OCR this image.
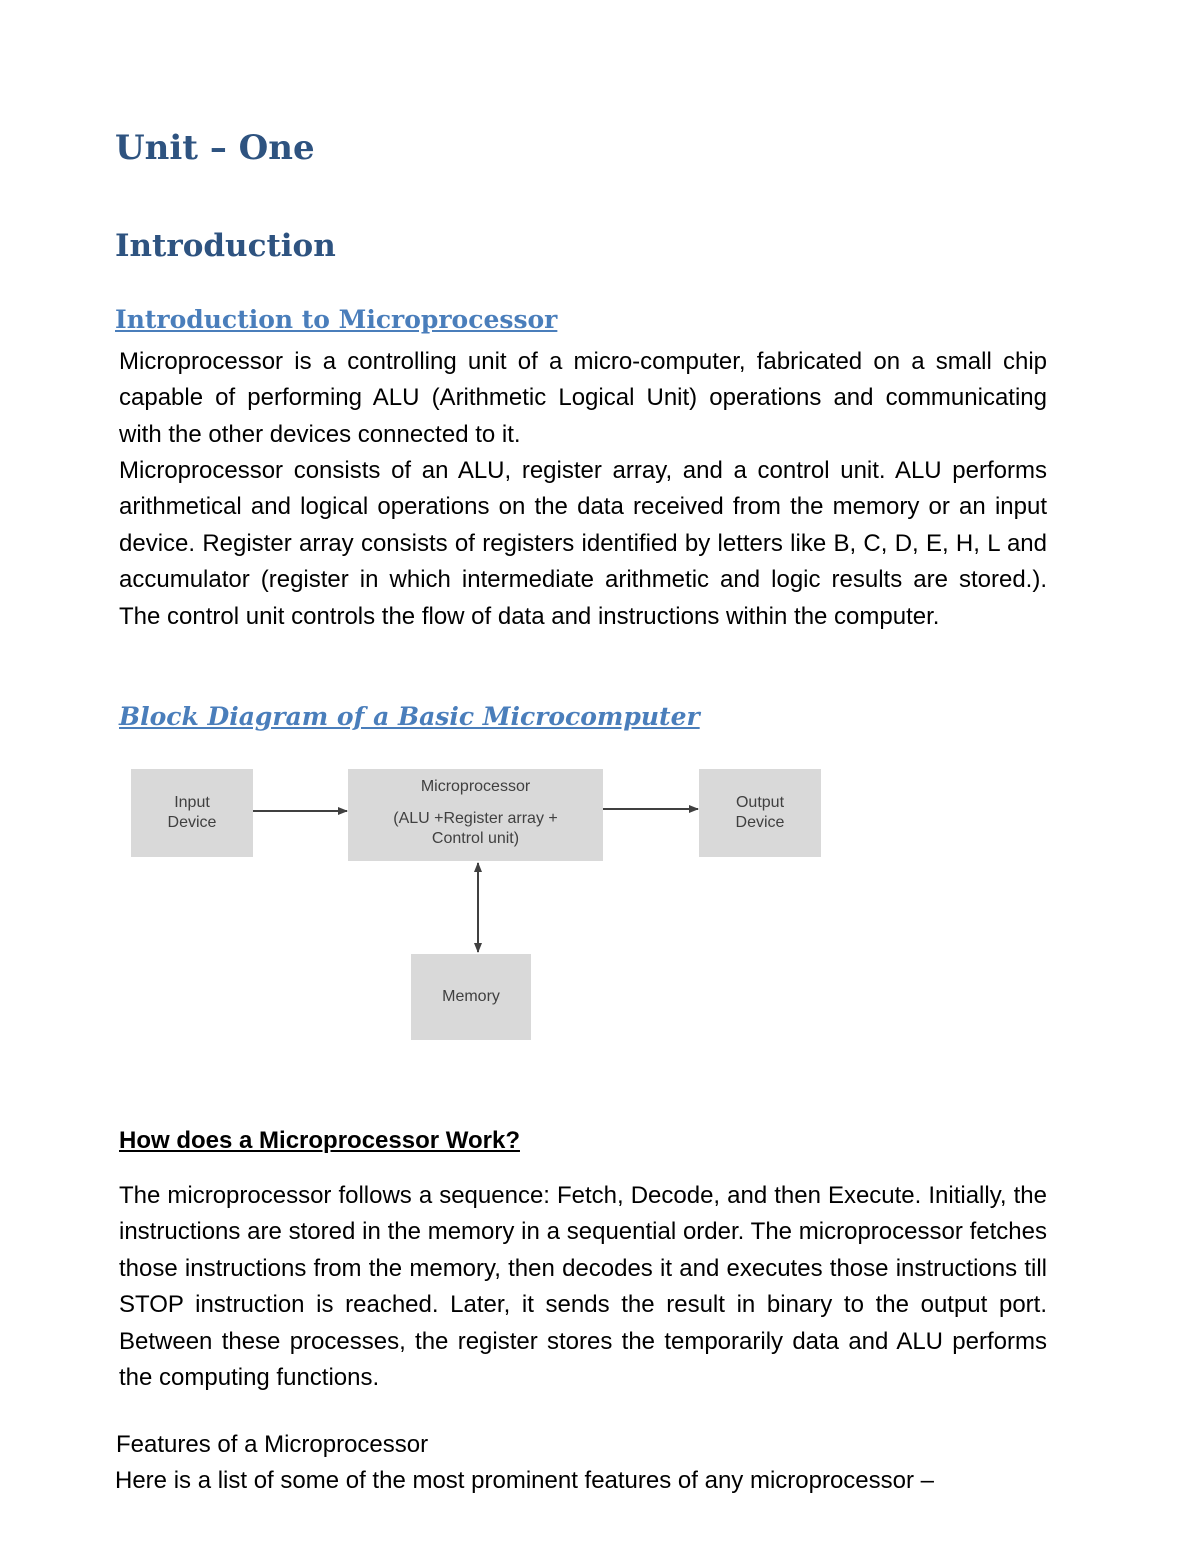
Unit – One
Introduction
Introduction to Microprocessor
Microprocessor is a controlling unit of a micro-computer, fabricated on a small chip capable of performing ALU (Arithmetic Logical Unit) operations and communicating with the other devices connected to it.
Microprocessor consists of an ALU, register array, and a control unit. ALU performs arithmetical and logical operations on the data received from the memory or an input device. Register array consists of registers identified by letters like B, C, D, E, H, L and accumulator (register in which intermediate arithmetic and logic results are stored.). The control unit controls the flow of data and instructions within the computer.
Block Diagram of a Basic Microcomputer
Input
Device
Microprocessor
(ALU +Register array +
Control unit)
Output
Device
Memory
How does a Microprocessor Work?
The microprocessor follows a sequence: Fetch, Decode, and then Execute. Initially, the instructions are stored in the memory in a sequential order. The microprocessor fetches those instructions from the memory, then decodes it and executes those instructions till STOP instruction is reached. Later, it sends the result in binary to the output port. Between these processes, the register stores the temporarily data and ALU performs the computing functions.
Features of a Microprocessor
Here is a list of some of the most prominent features of any microprocessor –
